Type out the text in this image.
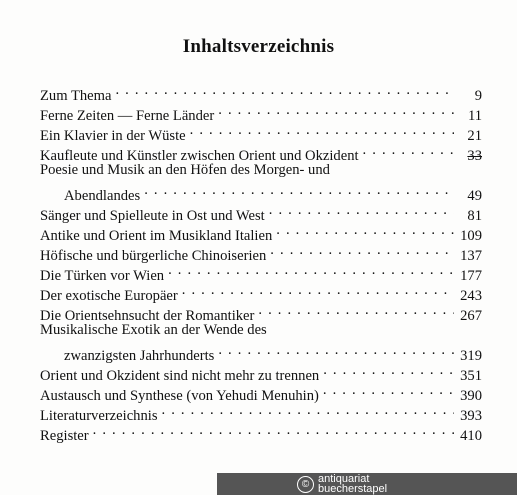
Inhaltsverzeichnis
Zum Thema . . .	9
Ferne Zeiten — Ferne Länder . . .	11
Ein Klavier in der Wüste . . .	21
Kaufleute und Künstler zwischen Orient und Okzident . . .	33
Poesie und Musik an den Höfen des Morgen- und
Abendlandes . . .	49
Sänger und Spielleute in Ost und West . . .	81
Antike und Orient im Musikland Italien . . .	109
Höfische und bürgerliche Chinoiserien . . .	137
Die Türken vor Wien . . .	177
Der exotische Europäer . . .	243
Die Orientsehnsucht der Romantiker . . .	267
Musikalische Exotik an der Wende des
zwanzigsten Jahrhunderts . . .	319
Orient und Okzident sind nicht mehr zu trennen . . .	351
Austausch und Synthese (von Yehudi Menuhin) . . .	390
Literaturverzeichnis . . .	393
Register . . .	410
© antiquariat
buecherstapel
